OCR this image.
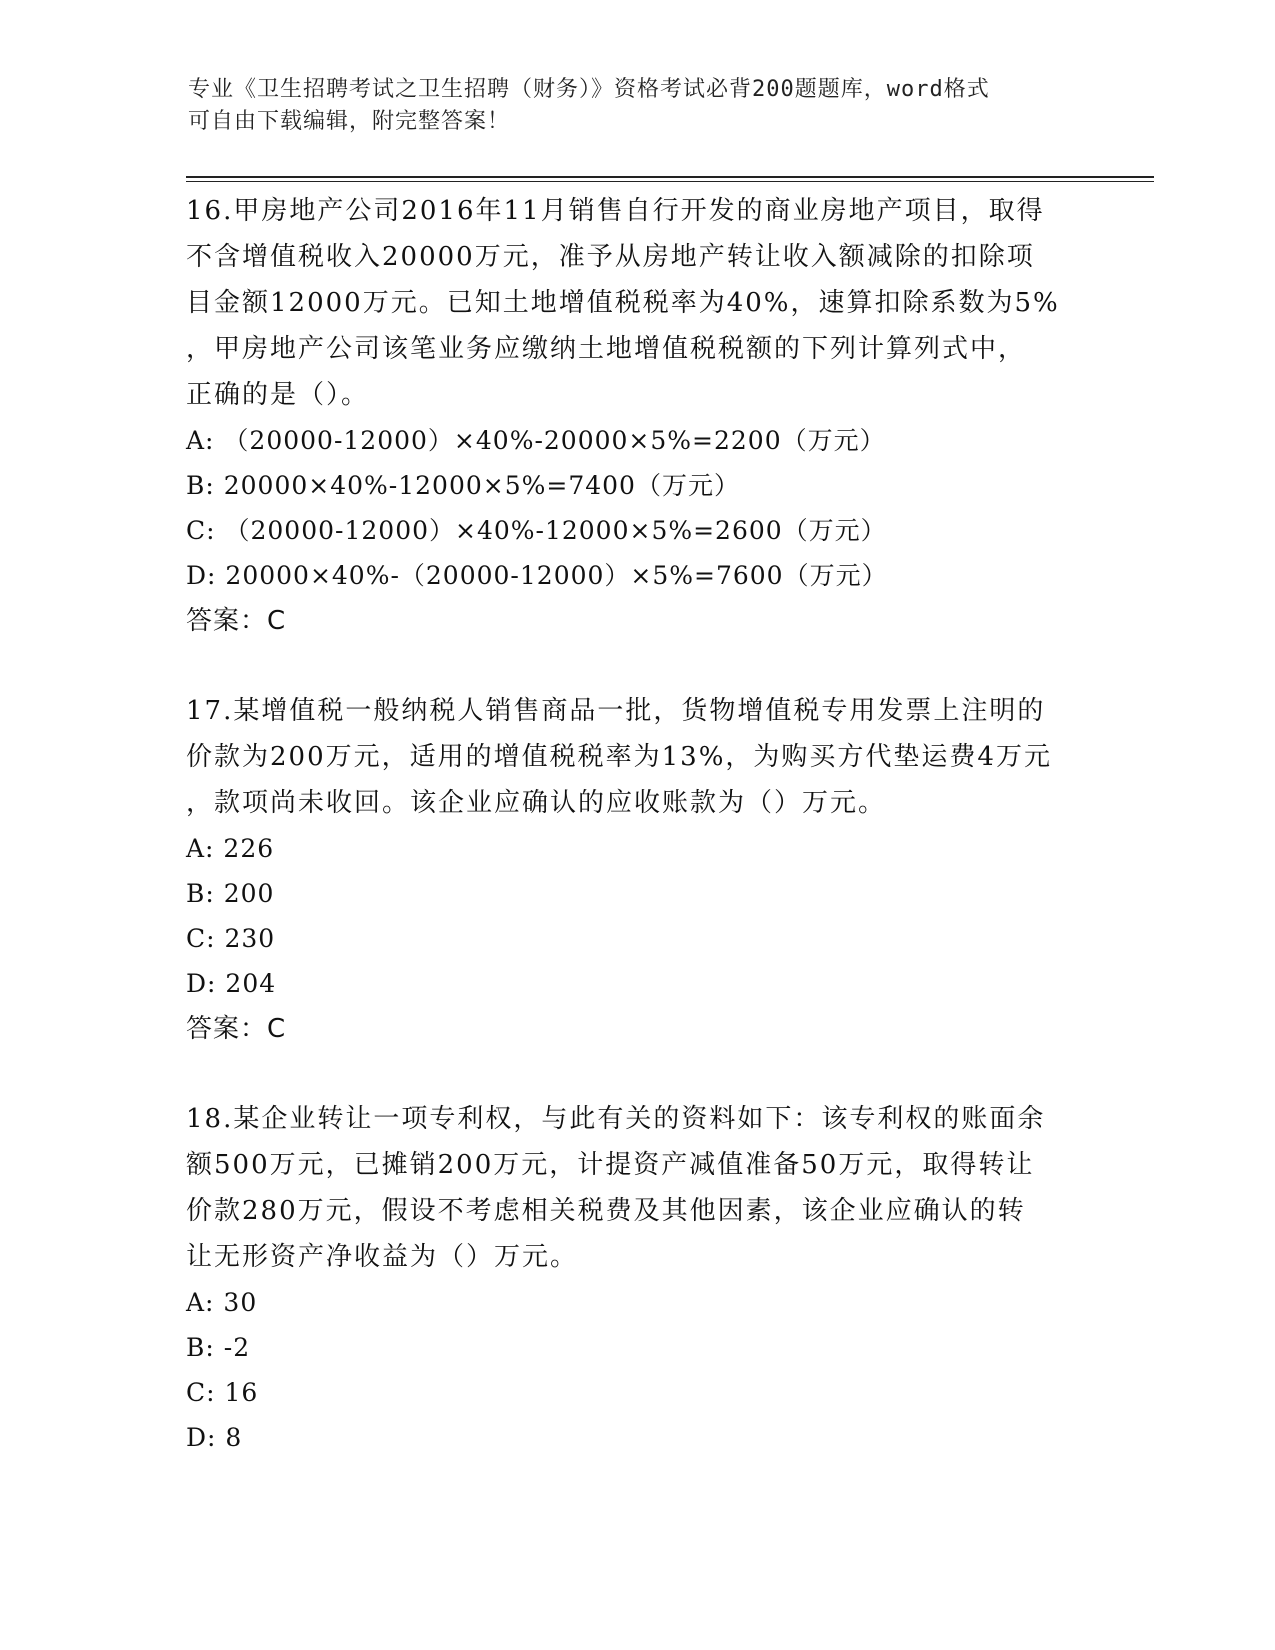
专业《卫生招聘考试之卫生招聘（财务）》资格考试必背200题题库，word格式
可自由下载编辑，附完整答案！
16.甲房地产公司2016年11月销售自行开发的商业房地产项目，取得
不含增值税收入20000万元，准予从房地产转让收入额减除的扣除项
目金额12000万元。已知土地增值税税率为40%，速算扣除系数为5%
，甲房地产公司该笔业务应缴纳土地增值税税额的下列计算列式中，
正确的是（）。
A: （20000-12000）×40%-20000×5%=2200（万元）
B: 20000×40%-12000×5%=7400（万元）
C: （20000-12000）×40%-12000×5%=2600（万元）
D: 20000×40%-（20000-12000）×5%=7600（万元）
答案：C
17.某增值税一般纳税人销售商品一批，货物增值税专用发票上注明的
价款为200万元，适用的增值税税率为13%，为购买方代垫运费4万元
，款项尚未收回。该企业应确认的应收账款为（）万元。
A: 226
B: 200
C: 230
D: 204
答案：C
18.某企业转让一项专利权，与此有关的资料如下：该专利权的账面余
额500万元，已摊销200万元，计提资产减值准备50万元，取得转让
价款280万元，假设不考虑相关税费及其他因素，该企业应确认的转
让无形资产净收益为（）万元。
A: 30
B: -2
C: 16
D: 8
